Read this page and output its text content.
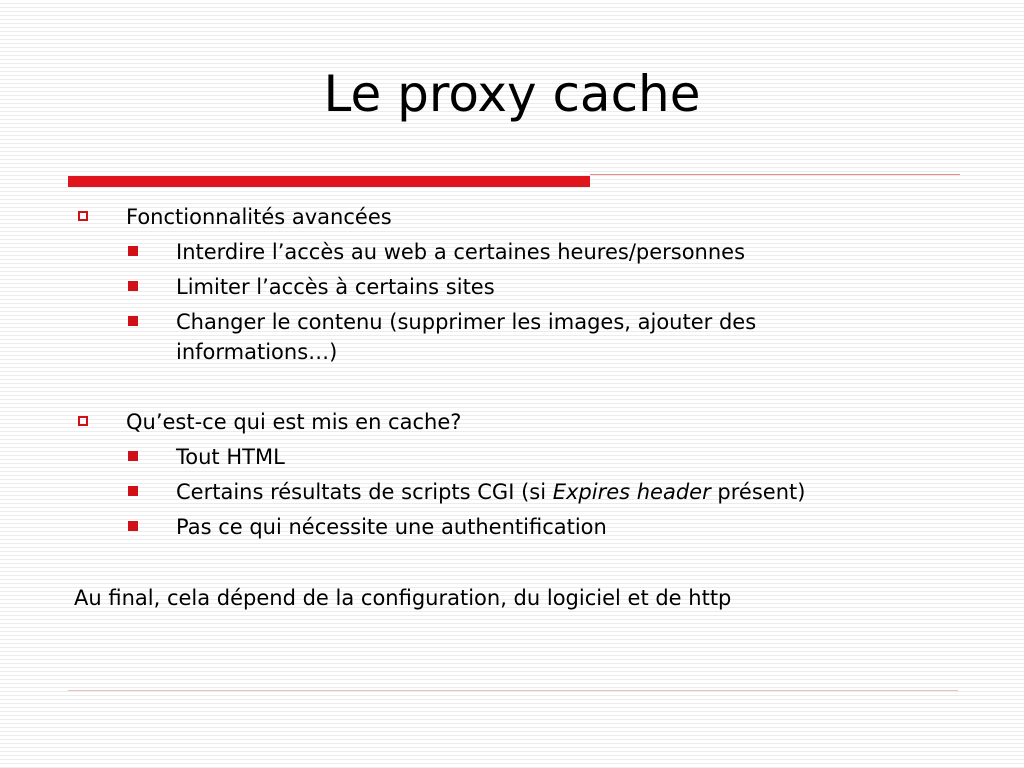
Le proxy cache
Fonctionnalités avancées
Interdire l’accès au web a certaines heures/personnes
Limiter l’accès à certains sites
Changer le contenu (supprimer les images, ajouter des
informations…)
Qu’est-ce qui est mis en cache?
Tout HTML
Certains résultats de scripts CGI (si Expires header présent)
Pas ce qui nécessite une authentification
Au final, cela dépend de la configuration, du logiciel et de http
